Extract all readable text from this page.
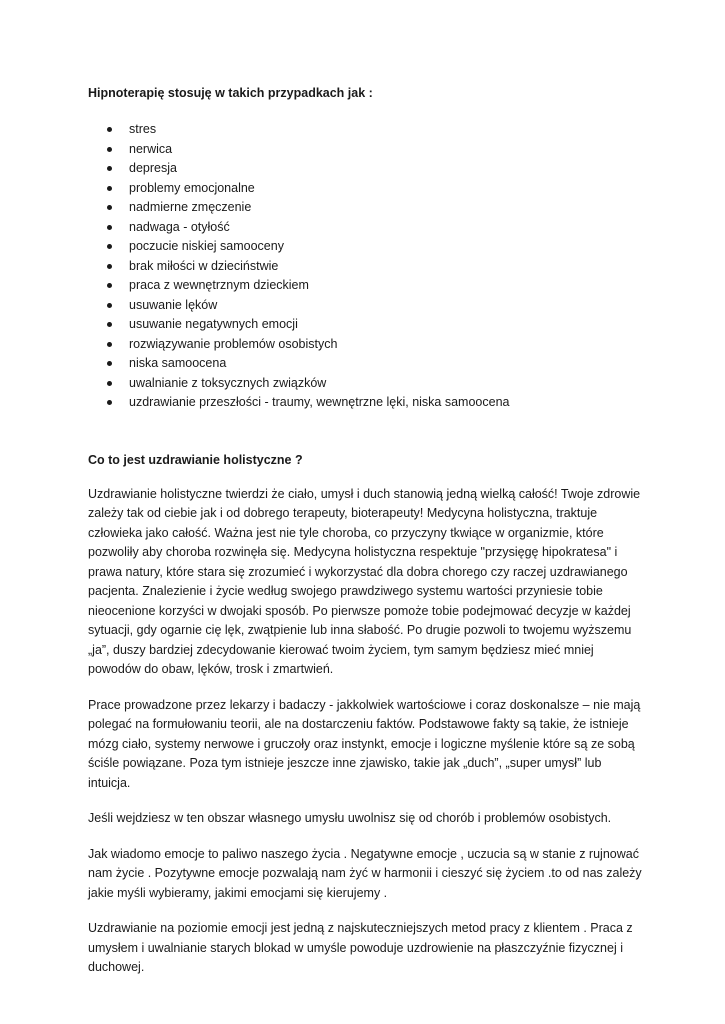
Hipnoterapię stosuję w takich przypadkach jak :

stres
nerwica
depresja
problemy emocjonalne
nadmierne zmęczenie
nadwaga - otyłość
poczucie niskiej samooceny
brak miłości w dzieciństwie
praca z wewnętrznym dzieckiem
usuwanie lęków
usuwanie negatywnych emocji
rozwiązywanie problemów osobistych
niska samoocena
uwalnianie z toksycznych związków
uzdrawianie przeszłości - traumy, wewnętrzne lęki, niska samoocena

Co to jest uzdrawianie holistyczne ?

Uzdrawianie holistyczne twierdzi że ciało, umysł i duch stanowią jedną wielką całość! Twoje zdrowie zależy tak od ciebie jak i od dobrego terapeuty, bioterapeuty! Medycyna holistyczna, traktuje człowieka jako całość. Ważna jest nie tyle choroba, co przyczyny tkwiące w organizmie, które pozwoliły aby choroba rozwinęła się. Medycyna holistyczna respektuje "przysięgę hipokratesa" i prawa natury, które stara się zrozumieć i wykorzystać dla dobra chorego czy raczej uzdrawianego pacjenta. Znalezienie i życie według swojego prawdziwego systemu wartości przyniesie tobie nieocenione korzyści w dwojaki sposób. Po pierwsze pomoże tobie podejmować decyzje w każdej sytuacji, gdy ogarnie cię lęk, zwątpienie lub inna słabość. Po drugie pozwoli to twojemu wyższemu „ja”, duszy bardziej zdecydowanie kierować twoim życiem, tym samym będziesz mieć mniej powodów do obaw, lęków, trosk i zmartwień.

Prace prowadzone przez lekarzy i badaczy - jakkolwiek wartościowe i coraz doskonalsze – nie mają polegać na formułowaniu teorii, ale na dostarczeniu faktów. Podstawowe fakty są takie, że istnieje mózg ciało, systemy nerwowe i gruczoły oraz instynkt, emocje i logiczne myślenie które są ze sobą ściśle powiązane. Poza tym istnieje jeszcze inne zjawisko, takie jak „duch”, „super umysł” lub intuicja.

Jeśli wejdziesz w ten obszar własnego umysłu uwolnisz się od chorób i problemów osobistych.

Jak wiadomo emocje to paliwo naszego życia . Negatywne emocje , uczucia są w stanie z rujnować nam życie . Pozytywne emocje pozwalają nam żyć w harmonii i cieszyć się życiem .to od nas zależy jakie myśli wybieramy, jakimi emocjami się kierujemy .

Uzdrawianie na poziomie emocji jest jedną z najskuteczniejszych metod pracy z klientem . Praca z umysłem i uwalnianie starych blokad w umyśle powoduje uzdrowienie na płaszczyźnie fizycznej i duchowej.
